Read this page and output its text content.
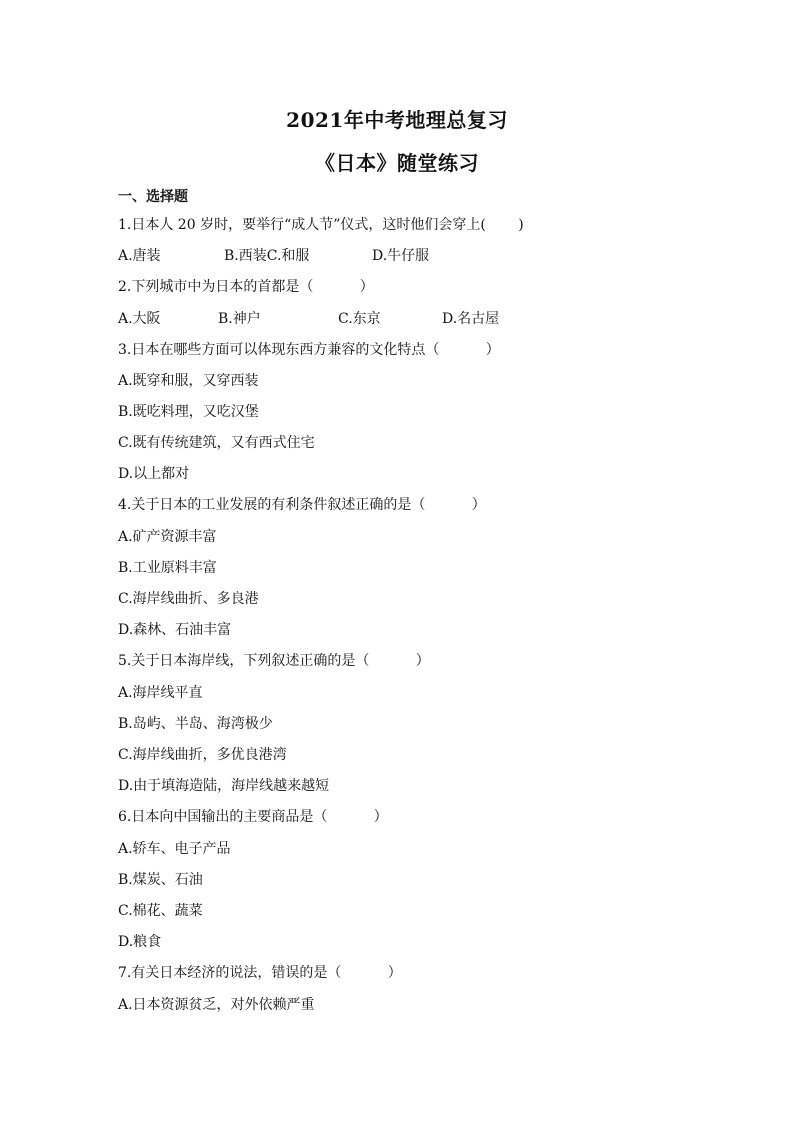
2021年中考地理总复习
《日本》随堂练习
一、选择题
1.日本人 20 岁时，要举行“成人节”仪式，这时他们会穿上(　　 )

A.唐装

	B.西装C.和服

	D.牛仔服

2.下列城市中为日本的首都是（　　　 ）

A.大阪

	B.神户

	C.东京

	D.名古屋

3.日本在哪些方面可以体现东西方兼容的文化特点（　　　 ）
A.既穿和服，又穿西装
B.既吃料理，又吃汉堡
C.既有传统建筑，又有西式住宅
D.以上都对
4.关于日本的工业发展的有利条件叙述正确的是（　　　 ）
A.矿产资源丰富
B.工业原料丰富
C.海岸线曲折、多良港
D.森林、石油丰富
5.关于日本海岸线，下列叙述正确的是（　　　 ）
A.海岸线平直
B.岛屿、半岛、海湾极少
C.海岸线曲折，多优良港湾
D.由于填海造陆，海岸线越来越短
6.日本向中国输出的主要商品是（　　　 ）
A.轿车、电子产品
B.煤炭、石油
C.棉花、蔬菜
D.粮食
7.有关日本经济的说法，错误的是（　　　 ）
A.日本资源贫乏，对外依赖严重
